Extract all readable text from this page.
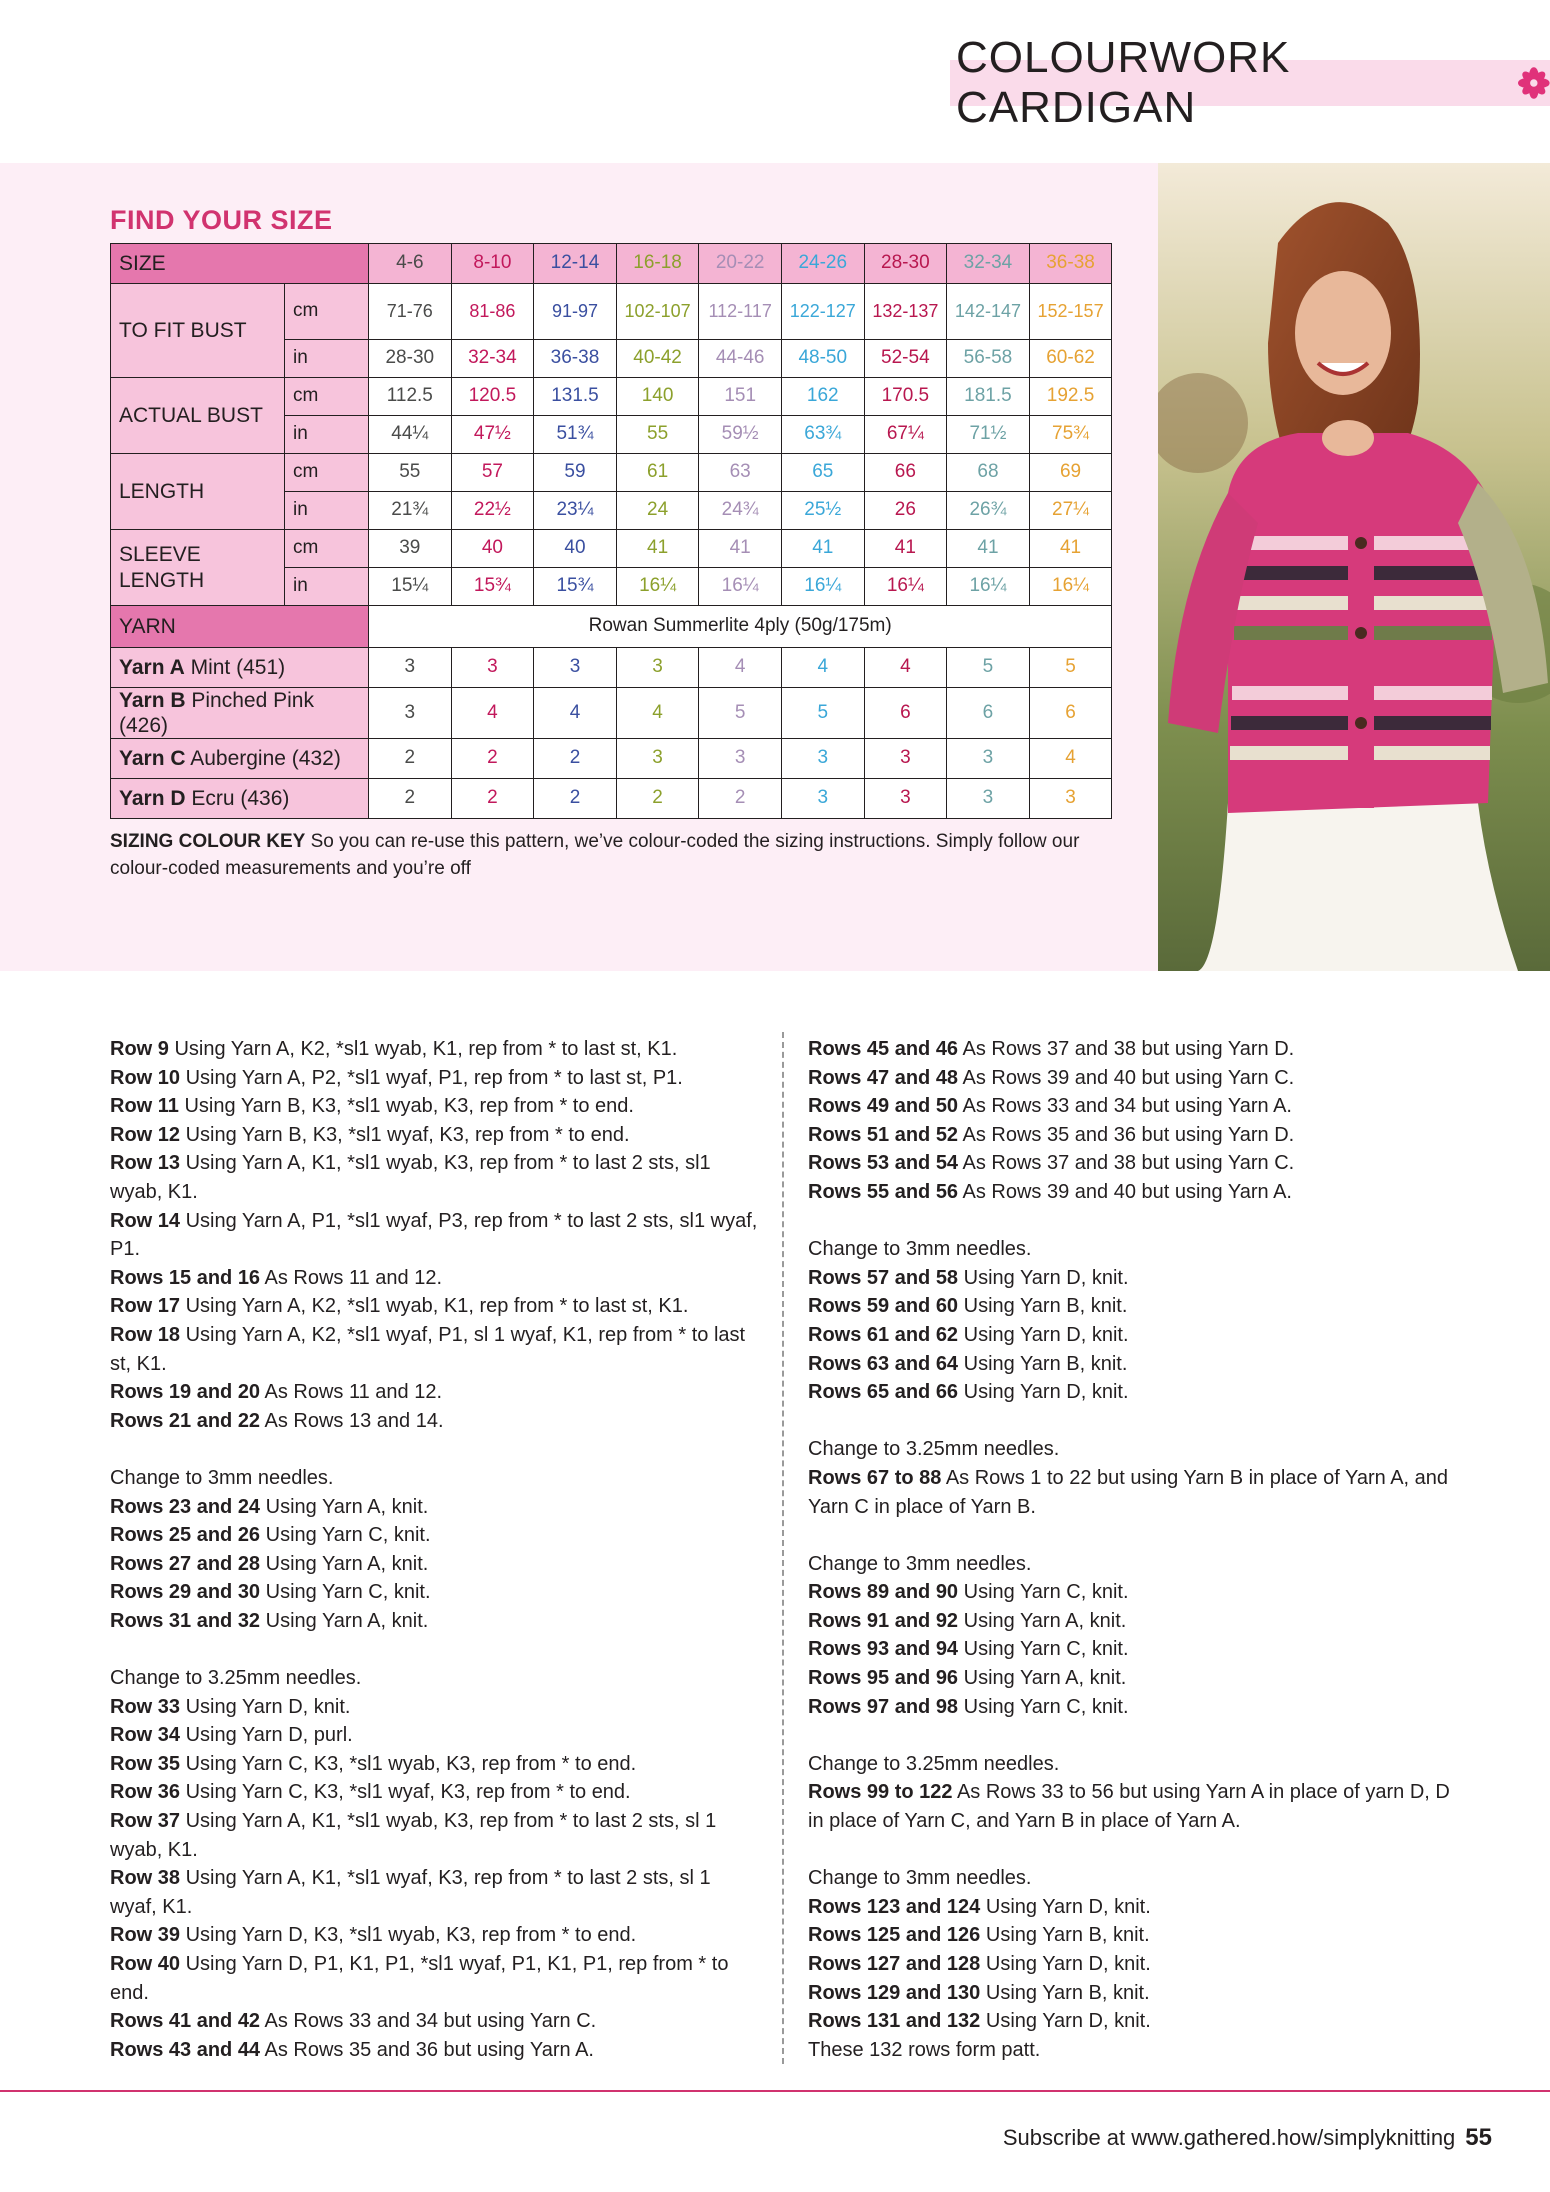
COLOURWORK CARDIGAN
FIND YOUR SIZE
SIZE		4-6	8-10	12-14	16-18	20-22	24-26	28-30	32-34	36-38
TO FIT BUST	cm	71-76	81-86	91-97	102-107	112-117	122-127	132-137	142-147	152-157
	in	28-30	32-34	36-38	40-42	44-46	48-50	52-54	56-58	60-62
ACTUAL BUST	cm	112.5	120.5	131.5	140	151	162	170.5	181.5	192.5
	in	44¼	47½	51¾	55	59½	63¾	67¼	71½	75¾
LENGTH	cm	55	57	59	61	63	65	66	68	69
	in	21¾	22½	23¼	24	24¾	25½	26	26¾	27¼
SLEEVE LENGTH	cm	39	40	40	41	41	41	41	41	41
	in	15¼	15¾	15¾	16¼	16¼	16¼	16¼	16¼	16¼
YARN		Rowan Summerlite 4ply (50g/175m)								
Yarn A Mint (451)		3	3	3	3	4	4	4	5	5
Yarn B Pinched Pink (426)		3	4	4	4	5	5	6	6	6
Yarn C Aubergine (432)		2	2	2	3	3	3	3	3	4
Yarn D Ecru (436)		2	2	2	2	2	3	3	3	3

SIZING COLOUR KEY So you can re-use this pattern, we’ve colour-coded the sizing instructions. Simply follow our colour-coded measurements and you’re off

Row 9 Using Yarn A, K2, *sl1 wyab, K1, rep from * to last st, K1.

Row 10 Using Yarn A, P2, *sl1 wyaf, P1, rep from * to last st, P1.

Row 11 Using Yarn B, K3, *sl1 wyab, K3, rep from * to end.

Row 12 Using Yarn B, K3, *sl1 wyaf, K3, rep from * to end.

Row 13 Using Yarn A, K1, *sl1 wyab, K3, rep from * to last 2 sts, sl1 wyab, K1.

Row 14 Using Yarn A, P1, *sl1 wyaf, P3, rep from * to last 2 sts, sl1 wyaf, P1.

Rows 15 and 16 As Rows 11 and 12.

Row 17 Using Yarn A, K2, *sl1 wyab, K1, rep from * to last st, K1.

Row 18 Using Yarn A, K2, *sl1 wyaf, P1, sl 1 wyaf, K1, rep from * to last st, K1.

Rows 19 and 20 As Rows 11 and 12.

Rows 21 and 22 As Rows 13 and 14.

Change to 3mm needles.

Rows 23 and 24 Using Yarn A, knit.

Rows 25 and 26 Using Yarn C, knit.

Rows 27 and 28 Using Yarn A, knit.

Rows 29 and 30 Using Yarn C, knit.

Rows 31 and 32 Using Yarn A, knit.

Change to 3.25mm needles.

Row 33 Using Yarn D, knit.

Row 34 Using Yarn D, purl.

Row 35 Using Yarn C, K3, *sl1 wyab, K3, rep from * to end.

Row 36 Using Yarn C, K3, *sl1 wyaf, K3, rep from * to end.

Row 37 Using Yarn A, K1, *sl1 wyab, K3, rep from * to last 2 sts, sl 1 wyab, K1.

Row 38 Using Yarn A, K1, *sl1 wyaf, K3, rep from * to last 2 sts, sl 1 wyaf, K1.

Row 39 Using Yarn D, K3, *sl1 wyab, K3, rep from * to end.

Row 40 Using Yarn D, P1, K1, P1, *sl1 wyaf, P1, K1, P1, rep from * to end.

Rows 41 and 42 As Rows 33 and 34 but using Yarn C.

Rows 43 and 44 As Rows 35 and 36 but using Yarn A.

Rows 45 and 46 As Rows 37 and 38 but using Yarn D.

Rows 47 and 48 As Rows 39 and 40 but using Yarn C.

Rows 49 and 50 As Rows 33 and 34 but using Yarn A.

Rows 51 and 52 As Rows 35 and 36 but using Yarn D.

Rows 53 and 54 As Rows 37 and 38 but using Yarn C.

Rows 55 and 56 As Rows 39 and 40 but using Yarn A.

Change to 3mm needles.

Rows 57 and 58 Using Yarn D, knit.

Rows 59 and 60 Using Yarn B, knit.

Rows 61 and 62 Using Yarn D, knit.

Rows 63 and 64 Using Yarn B, knit.

Rows 65 and 66 Using Yarn D, knit.

Change to 3.25mm needles.

Rows 67 to 88 As Rows 1 to 22 but using Yarn B in place of Yarn A, and Yarn C in place of Yarn B.

Change to 3mm needles.

Rows 89 and 90 Using Yarn C, knit.

Rows 91 and 92 Using Yarn A, knit.

Rows 93 and 94 Using Yarn C, knit.

Rows 95 and 96 Using Yarn A, knit.

Rows 97 and 98 Using Yarn C, knit.

Change to 3.25mm needles.

Rows 99 to 122 As Rows 33 to 56 but using Yarn A in place of yarn D, D in place of Yarn C, and Yarn B in place of Yarn A.

Change to 3mm needles.

Rows 123 and 124 Using Yarn D, knit.

Rows 125 and 126 Using Yarn B, knit.

Rows 127 and 128 Using Yarn D, knit.

Rows 129 and 130 Using Yarn B, knit.

Rows 131 and 132 Using Yarn D, knit.

These 132 rows form patt.

Subscribe at www.gathered.how/simplyknitting 55
